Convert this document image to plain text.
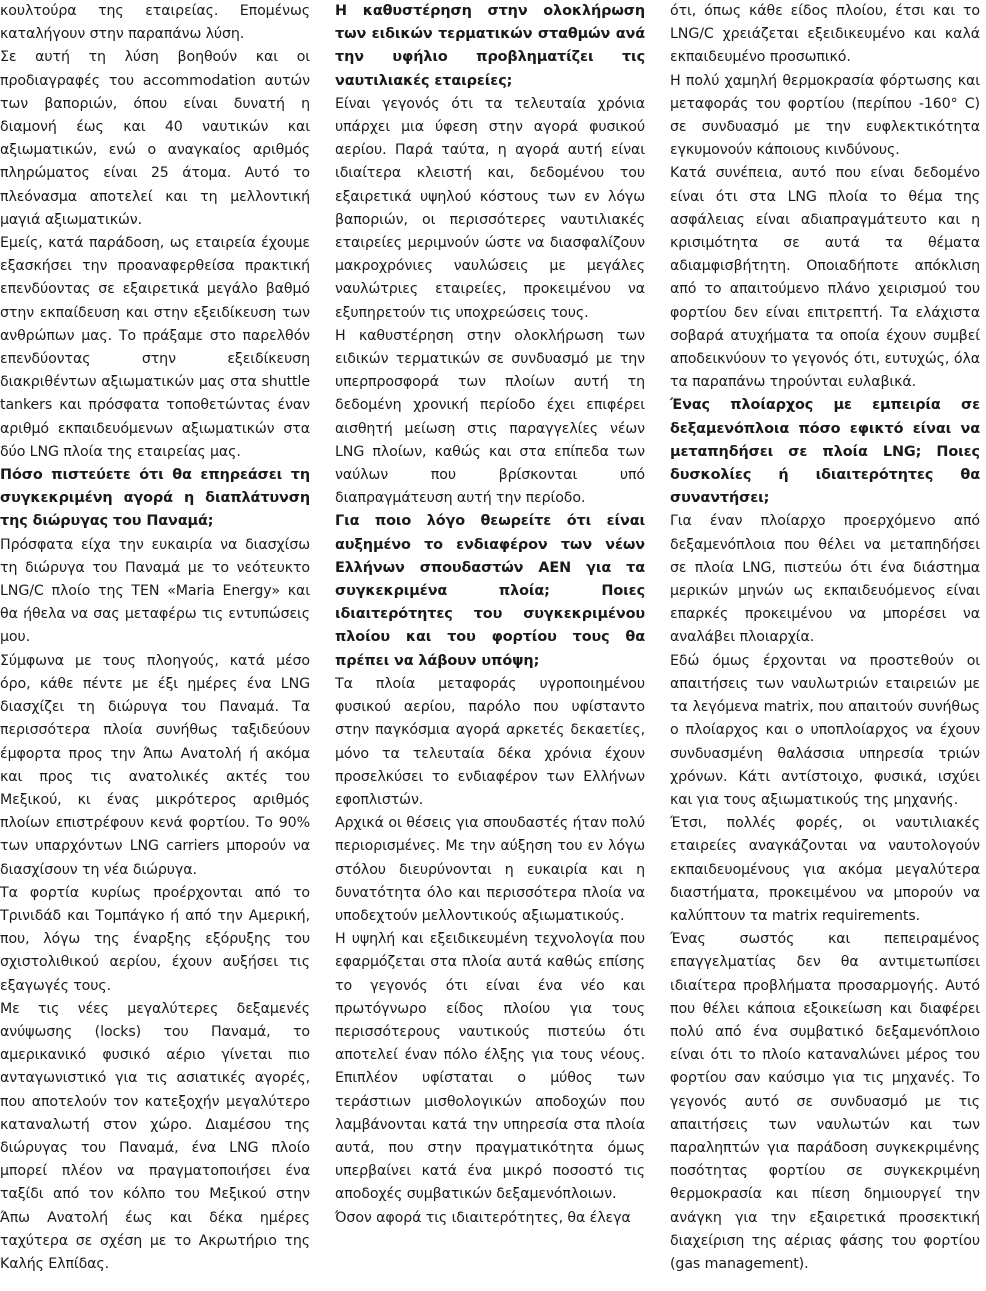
κουλτούρα της εταιρείας. Επομένως καταλήγουν στην παραπάνω λύση.

Σε αυτή τη λύση βοηθούν και οι προδιαγραφές του accommodation αυτών των βαποριών, όπου είναι δυνατή η διαμονή έως και 40 ναυτικών και αξιωματικών, ενώ ο αναγκαίος αριθμός πληρώματος είναι 25 άτομα. Αυτό το πλεόνασμα αποτελεί και τη μελλοντική μαγιά αξιωματικών.

Εμείς, κατά παράδοση, ως εταιρεία έχουμε εξασκήσει την προαναφερθείσα πρακτική επενδύοντας σε εξαιρετικά μεγάλο βαθμό στην εκπαίδευση και στην εξειδίκευση των ανθρώπων μας. Το πράξαμε στο παρελθόν επενδύοντας στην εξειδίκευση διακριθέντων αξιωματικών μας στα shuttle tankers και πρόσφατα τοποθετώντας έναν αριθμό εκπαιδευόμενων αξιωματικών στα δύο LNG πλοία της εταιρείας μας.

Πόσο πιστεύετε ότι θα επηρεάσει τη συγκεκριμένη αγορά η διαπλάτυνση της διώρυγας του Παναμά;

Πρόσφατα είχα την ευκαιρία να διασχίσω τη διώρυγα του Παναμά με το νεότευκτο LNG/C πλοίο της TEN «Maria Energy» και θα ήθελα να σας μεταφέρω τις εντυπώσεις μου.

Σύμφωνα με τους πλοηγούς, κατά μέσο όρο, κάθε πέντε με έξι ημέρες ένα LNG διασχίζει τη διώρυγα του Παναμά. Τα περισσότερα πλοία συνήθως ταξιδεύουν έμφορτα προς την Άπω Ανατολή ή ακόμα και προς τις ανατολικές ακτές του Μεξικού, κι ένας μικρότερος αριθμός πλοίων επιστρέφουν κενά φορτίου. Το 90% των υπαρχόντων LNG carriers μπορούν να διασχίσουν τη νέα διώρυγα.

Τα φορτία κυρίως προέρχονται από το Τρινιδάδ και Τομπάγκο ή από την Αμερική, που, λόγω της έναρξης εξόρυξης του σχιστολιθικού αερίου, έχουν αυξήσει τις εξαγωγές τους.

Με τις νέες μεγαλύτερες δεξαμενές ανύψωσης (locks) του Παναμά, το αμερικανικό φυσικό αέριο γίνεται πιο ανταγωνιστικό για τις ασιατικές αγορές, που αποτελούν τον κατεξοχήν μεγαλύτερο καταναλωτή στον χώρο. Διαμέσου της διώρυγας του Παναμά, ένα LNG πλοίο μπορεί πλέον να πραγματοποιήσει ένα ταξίδι από τον κόλπο του Μεξικού στην Άπω Ανατολή έως και δέκα ημέρες ταχύτερα σε σχέση με το Ακρωτήριο της Καλής Ελπίδας.

Η καθυστέρηση στην ολοκλήρωση των ειδικών τερματικών σταθμών ανά την υφήλιο προβληματίζει τις ναυτιλιακές εταιρείες;

Είναι γεγονός ότι τα τελευταία χρόνια υπάρχει μια ύφεση στην αγορά φυσικού αερίου. Παρά ταύτα, η αγορά αυτή είναι ιδιαίτερα κλειστή και, δεδομένου του εξαιρετικά υψηλού κόστους των εν λόγω βαποριών, οι περισσότερες ναυτιλιακές εταιρείες μεριμνούν ώστε να διασφαλίζουν μακροχρόνιες ναυλώσεις με μεγάλες ναυλώτριες εταιρείες, προκειμένου να εξυπηρετούν τις υποχρεώσεις τους.

Η καθυστέρηση στην ολοκλήρωση των ειδικών τερματικών σε συνδυασμό με την υπερπροσφορά των πλοίων αυτή τη δεδομένη χρονική περίοδο έχει επιφέρει αισθητή μείωση στις παραγγελίες νέων LNG πλοίων, καθώς και στα επίπεδα των ναύλων που βρίσκονται υπό διαπραγμάτευση αυτή την περίοδο.

Για ποιο λόγο θεωρείτε ότι είναι αυξημένο το ενδιαφέρον των νέων Ελλήνων σπουδαστών ΑΕΝ για τα συγκεκριμένα πλοία; Ποιες ιδιαιτερότητες του συγκεκριμένου πλοίου και του φορτίου τους θα πρέπει να λάβουν υπόψη;

Τα πλοία μεταφοράς υγροποιημένου φυσικού αερίου, παρόλο που υφίσταντο στην παγκόσμια αγορά αρκετές δεκαετίες, μόνο τα τελευταία δέκα χρόνια έχουν προσελκύσει το ενδιαφέρον των Ελλήνων εφοπλιστών.

Αρχικά οι θέσεις για σπουδαστές ήταν πολύ περιορισμένες. Με την αύξηση του εν λόγω στόλου διευρύνονται η ευκαιρία και η δυνατότητα όλο και περισσότερα πλοία να υποδεχτούν μελλοντικούς αξιωματικούς.

Η υψηλή και εξειδικευμένη τεχνολογία που εφαρμόζεται στα πλοία αυτά καθώς επίσης το γεγονός ότι είναι ένα νέο και πρωτόγνωρο είδος πλοίου για τους περισσότερους ναυτικούς πιστεύω ότι αποτελεί έναν πόλο έλξης για τους νέους. Επιπλέον υφίσταται ο μύθος των τεράστιων μισθολογικών αποδοχών που λαμβάνονται κατά την υπηρεσία στα πλοία αυτά, που στην πραγματικότητα όμως υπερβαίνει κατά ένα μικρό ποσοστό τις αποδοχές συμβατικών δεξαμενόπλοιων.

Όσον αφορά τις ιδιαιτερότητες, θα έλεγα

ότι, όπως κάθε είδος πλοίου, έτσι και το LNG/C χρειάζεται εξειδικευμένο και καλά εκπαιδευμένο προσωπικό.

Η πολύ χαμηλή θερμοκρασία φόρτωσης και μεταφοράς του φορτίου (περίπου -160° C) σε συνδυασμό με την ευφλεκτικότητα εγκυμονούν κάποιους κινδύνους.

Κατά συνέπεια, αυτό που είναι δεδομένο είναι ότι στα LNG πλοία το θέμα της ασφάλειας είναι αδιαπραγμάτευτο και η κρισιμότητα σε αυτά τα θέματα αδιαμφισβήτητη. Οποιαδήποτε απόκλιση από το απαιτούμενο πλάνο χειρισμού του φορτίου δεν είναι επιτρεπτή. Τα ελάχιστα σοβαρά ατυχήματα τα οποία έχουν συμβεί αποδεικνύουν το γεγονός ότι, ευτυχώς, όλα τα παραπάνω τηρούνται ευλαβικά.

Ένας πλοίαρχος με εμπειρία σε δεξαμενόπλοια πόσο εφικτό είναι να μεταπηδήσει σε πλοία LNG; Ποιες δυσκολίες ή ιδιαιτερότητες θα συναντήσει;

Για έναν πλοίαρχο προερχόμενο από δεξαμενόπλοια που θέλει να μεταπηδήσει σε πλοία LNG, πιστεύω ότι ένα διάστημα μερικών μηνών ως εκπαιδευόμενος είναι επαρκές προκειμένου να μπορέσει να αναλάβει πλοιαρχία.

Εδώ όμως έρχονται να προστεθούν οι απαιτήσεις των ναυλωτριών εταιρειών με τα λεγόμενα matrix, που απαιτούν συνήθως ο πλοίαρχος και ο υποπλοίαρχος να έχουν συνδυασμένη θαλάσσια υπηρεσία τριών χρόνων. Κάτι αντίστοιχο, φυσικά, ισχύει και για τους αξιωματικούς της μηχανής.

Έτσι, πολλές φορές, οι ναυτιλιακές εταιρείες αναγκάζονται να ναυτολογούν εκπαιδευομένους για ακόμα μεγαλύτερα διαστήματα, προκειμένου να μπορούν να καλύπτουν τα matrix requirements.

Ένας σωστός και πεπειραμένος επαγγελματίας δεν θα αντιμετωπίσει ιδιαίτερα προβλήματα προσαρμογής. Αυτό που θέλει κάποια εξοικείωση και διαφέρει πολύ από ένα συμβατικό δεξαμενόπλοιο είναι ότι το πλοίο καταναλώνει μέρος του φορτίου σαν καύσιμο για τις μηχανές. Το γεγονός αυτό σε συνδυασμό με τις απαιτήσεις των ναυλωτών και των παραληπτών για παράδοση συγκεκριμένης ποσότητας φορτίου σε συγκεκριμένη θερμοκρασία και πίεση δημιουργεί την ανάγκη για την εξαιρετικά προσεκτική διαχείριση της αέριας φάσης του φορτίου (gas management).
